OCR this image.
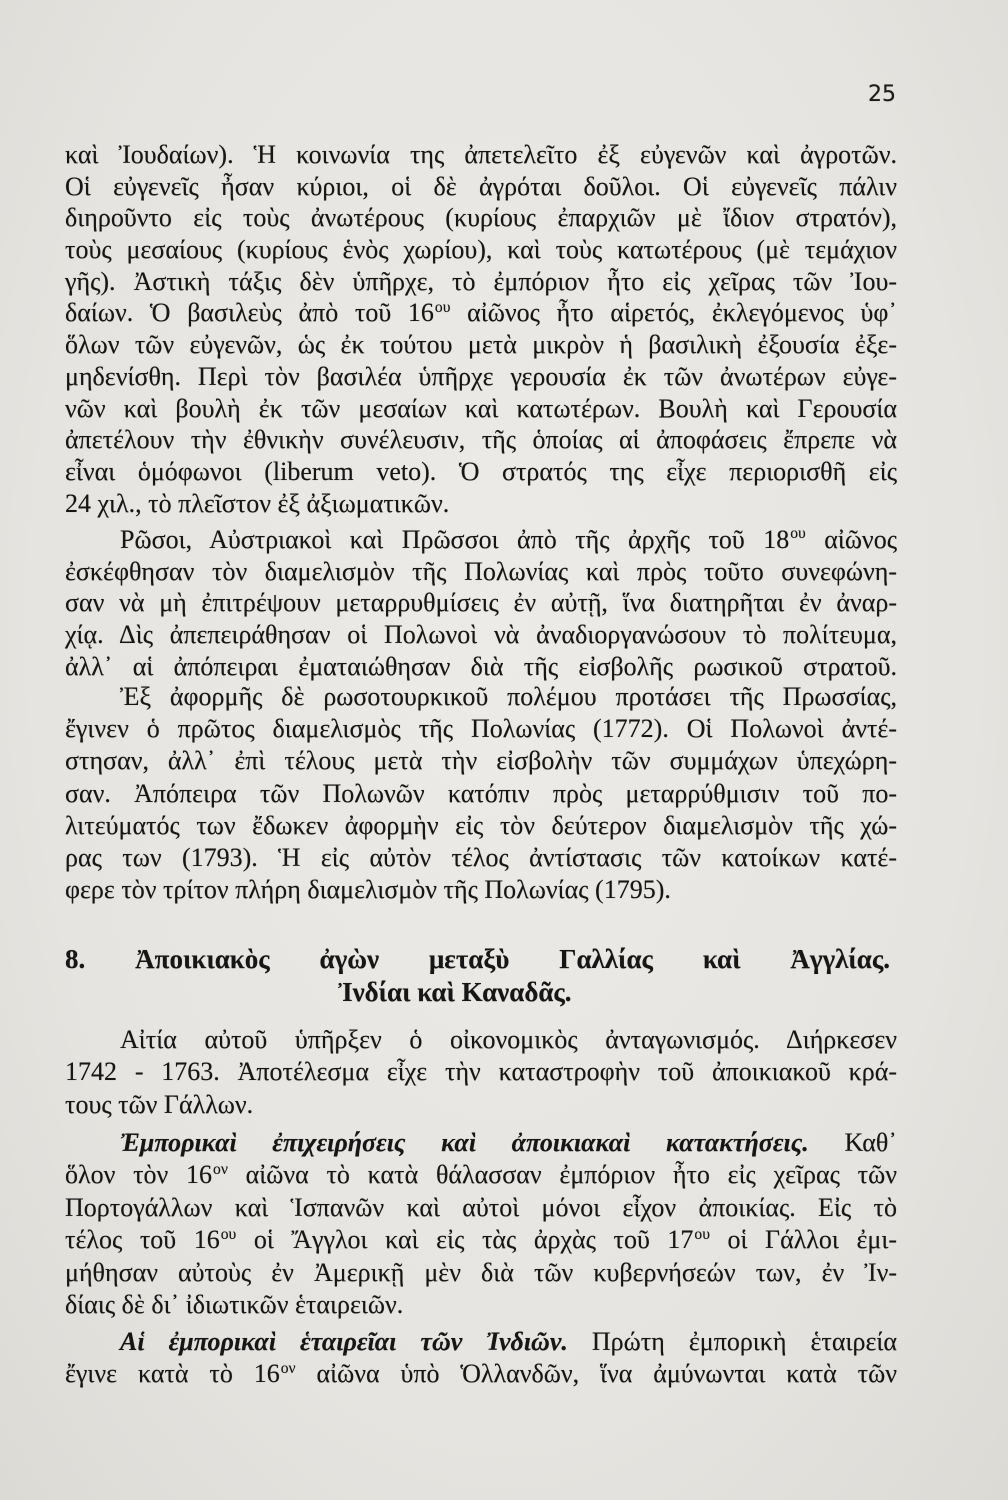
25
καὶ Ἰουδαίων). Ἡ κοινωνία της ἀπετελεῖτο ἐξ εὐγενῶν καὶ ἀγροτῶν.
Οἱ εὐγενεῖς ἦσαν κύριοι, οἱ δὲ ἀγρόται δοῦλοι. Οἱ εὐγενεῖς πάλιν
διηροῦντο εἰς τοὺς ἀνωτέρους (κυρίους ἐπαρχιῶν μὲ ἴδιον στρατόν),
τοὺς μεσαίους (κυρίους ἑνὸς χωρίου), καὶ τοὺς κατωτέρους (μὲ τεμάχιον
γῆς). Ἀστικὴ τάξις δὲν ὑπῆρχε, τὸ ἐμπόριον ἦτο εἰς χεῖρας τῶν Ἰου-
δαίων. Ὁ βασιλεὺς ἀπὸ τοῦ $16^{o\upsilon}$ αἰῶνος ἦτο αἱρετός, ἐκλεγόμενος ὑφ᾽
ὅλων τῶν εὐγενῶν, ὡς ἐκ τούτου μετὰ μικρὸν ἡ βασιλικὴ ἐξουσία ἐξε-
μηδενίσθη. Περὶ τὸν βασιλέα ὑπῆρχε γερουσία ἐκ τῶν ἀνωτέρων εὐγε-
νῶν καὶ βουλὴ ἐκ τῶν μεσαίων καὶ κατωτέρων. Βουλὴ καὶ Γερουσία
ἀπετέλουν τὴν ἐθνικὴν συνέλευσιν, τῆς ὁποίας αἱ ἀποφάσεις ἔπρεπε νὰ
εἶναι ὁμόφωνοι (liberum veto). Ὁ στρατός της εἶχε περιορισθῆ εἰς
24 χιλ., τὸ πλεῖστον ἐξ ἀξιωματικῶν.
Ρῶσοι, Αὐστριακοὶ καὶ Πρῶσσοι ἀπὸ τῆς ἀρχῆς τοῦ $18^{o\upsilon}$ αἰῶνος
ἐσκέφθησαν τὸν διαμελισμὸν τῆς Πολωνίας καὶ πρὸς τοῦτο συνεφώνη-
σαν νὰ μὴ ἐπιτρέψουν μεταρρυθμίσεις ἐν αὐτῇ, ἵνα διατηρῆται ἐν ἀναρ-
χίᾳ. Δὶς ἀπεπειράθησαν οἱ Πολωνοὶ νὰ ἀναδιοργανώσουν τὸ πολίτευμα,
ἀλλ᾽ αἱ ἀπόπειραι ἐματαιώθησαν διὰ τῆς εἰσβολῆς ρωσικοῦ στρατοῦ.
Ἐξ ἀφορμῆς δὲ ρωσοτουρκικοῦ πολέμου προτάσει τῆς Πρωσσίας,
ἔγινεν ὁ πρῶτος διαμελισμὸς τῆς Πολωνίας (1772). Οἱ Πολωνοὶ ἀντέ-
στησαν, ἀλλ᾽ ἐπὶ τέλους μετὰ τὴν εἰσβολὴν τῶν συμμάχων ὑπεχώρη-
σαν. Ἀπόπειρα τῶν Πολωνῶν κατόπιν πρὸς μεταρρύθμισιν τοῦ πο-
λιτεύματός των ἔδωκεν ἀφορμὴν εἰς τὸν δεύτερον διαμελισμὸν τῆς χώ-
ρας των (1793). Ἡ εἰς αὐτὸν τέλος ἀντίστασις τῶν κατοίκων κατέ-
φερε τὸν τρίτον πλήρη διαμελισμὸν τῆς Πολωνίας (1795).
8. Ἀποικιακὸς ἀγὼν μεταξὺ Γαλλίας καὶ Ἀγγλίας.
Ἰνδίαι καὶ Καναδᾶς.
Αἰτία αὐτοῦ ὑπῆρξεν ὁ οἰκονομικὸς ἀνταγωνισμός. Διήρκεσεν
1742 - 1763. Ἀποτέλεσμα εἶχε τὴν καταστροφὴν τοῦ ἀποικιακοῦ κρά-
τους τῶν Γάλλων.
Ἐμπορικαὶ ἐπιχειρήσεις καὶ ἀποικιακαὶ κατακτήσεις. Καθ᾽
ὅλον τὸν $16^{o\nu}$ αἰῶνα τὸ κατὰ θάλασσαν ἐμπόριον ἦτο εἰς χεῖρας τῶν
Πορτογάλλων καὶ Ἱσπανῶν καὶ αὐτοὶ μόνοι εἶχον ἀποικίας. Εἰς τὸ
τέλος τοῦ $16^{o\upsilon}$ οἱ Ἄγγλοι καὶ εἰς τὰς ἀρχὰς τοῦ $17^{o\upsilon}$ οἱ Γάλλοι ἐμι-
μήθησαν αὐτοὺς ἐν Ἀμερικῇ μὲν διὰ τῶν κυβερνήσεών των, ἐν Ἰν-
δίαις δὲ δι᾽ ἰδιωτικῶν ἑταιρειῶν.
Αἱ ἐμπορικαὶ ἑταιρεῖαι τῶν Ἰνδιῶν. Πρώτη ἐμπορικὴ ἑταιρεία
ἔγινε κατὰ τὸ $16^{o\nu}$ αἰῶνα ὑπὸ Ὁλλανδῶν, ἵνα ἀμύνωνται κατὰ τῶν
